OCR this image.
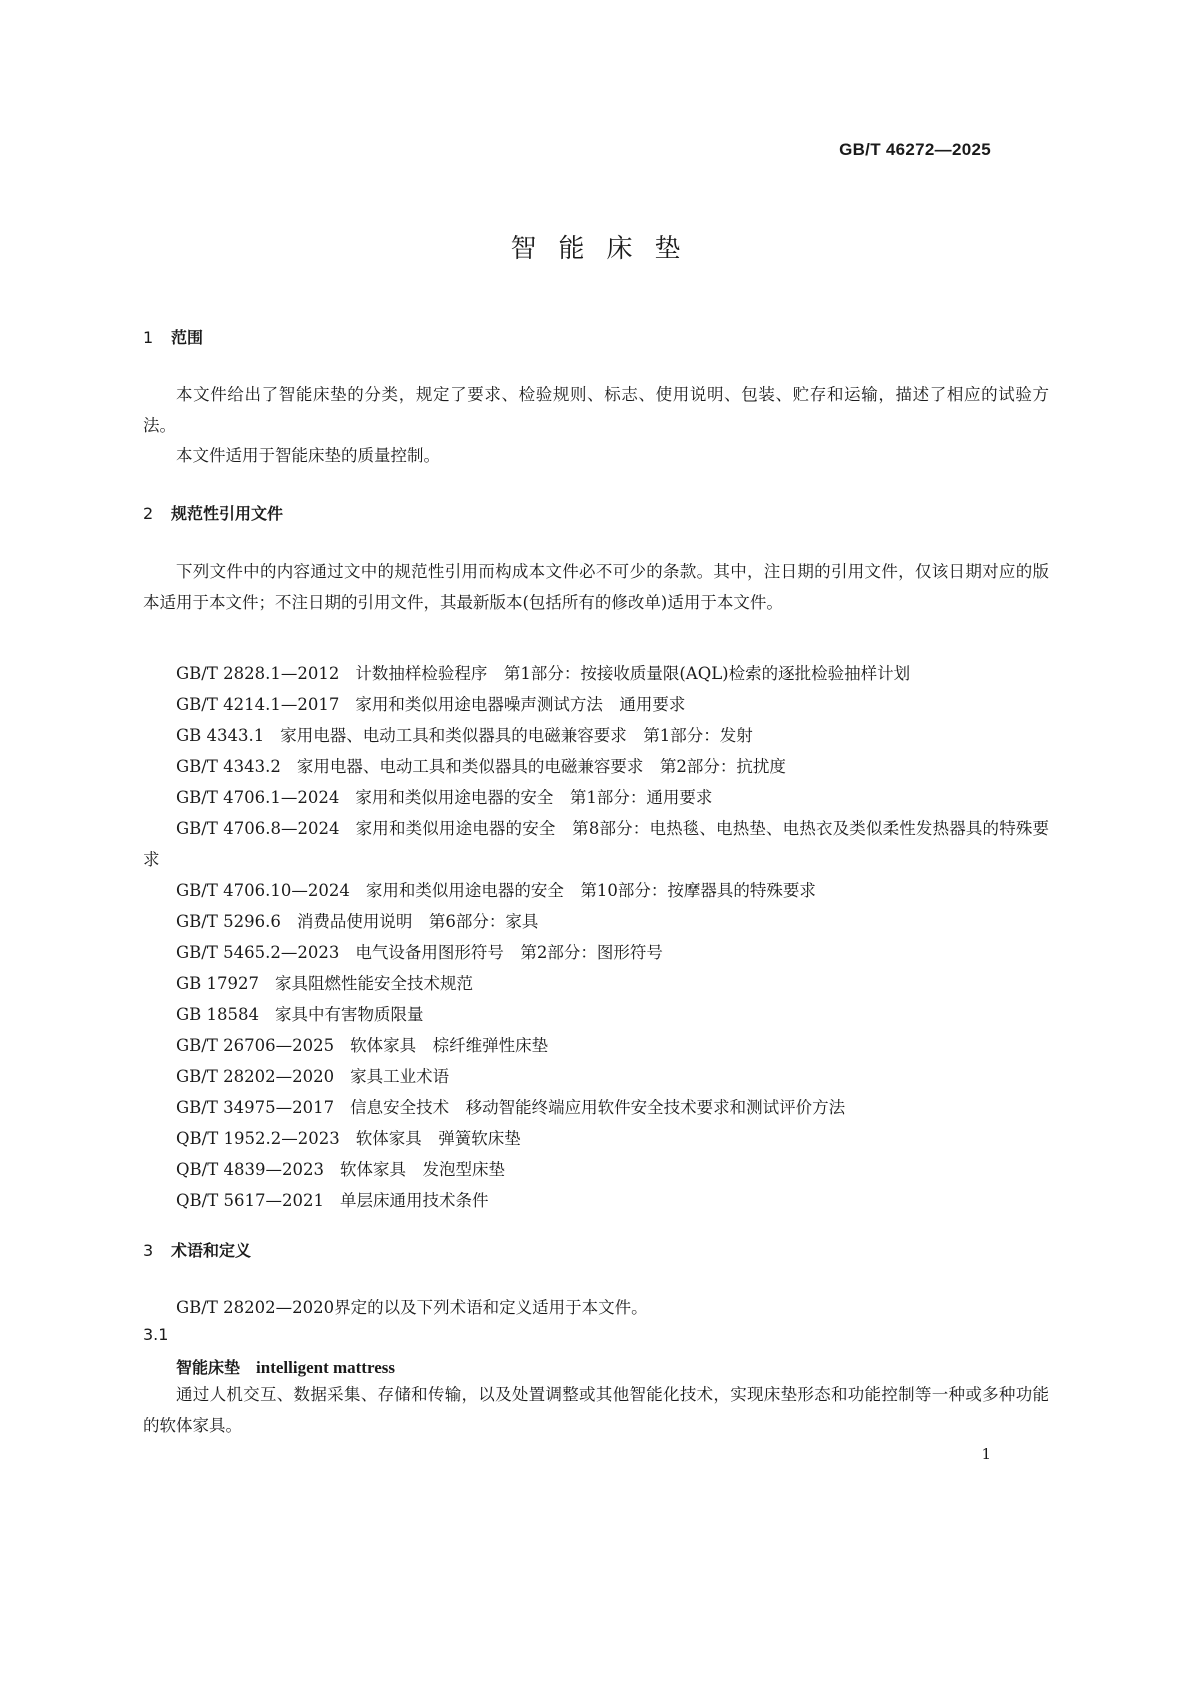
GB/T 46272—2025
智能床垫
1 范围
本文件给出了智能床垫的分类，规定了要求、检验规则、标志、使用说明、包装、贮存和运输，描述了相应的试验方法。
本文件适用于智能床垫的质量控制。
2 规范性引用文件
下列文件中的内容通过文中的规范性引用而构成本文件必不可少的条款。其中，注日期的引用文件，仅该日期对应的版本适用于本文件；不注日期的引用文件，其最新版本(包括所有的修改单)适用于本文件。
GB/T 2828.1—2012 计数抽样检验程序　第1部分：按接收质量限(AQL)检索的逐批检验抽样计划
GB/T 4214.1—2017 家用和类似用途电器噪声测试方法　通用要求
GB 4343.1 家用电器、电动工具和类似器具的电磁兼容要求　第1部分：发射
GB/T 4343.2 家用电器、电动工具和类似器具的电磁兼容要求　第2部分：抗扰度
GB/T 4706.1—2024 家用和类似用途电器的安全　第1部分：通用要求
GB/T 4706.8—2024 家用和类似用途电器的安全　第8部分：电热毯、电热垫、电热衣及类似柔性发热器具的特殊要求
GB/T 4706.10—2024 家用和类似用途电器的安全　第10部分：按摩器具的特殊要求
GB/T 5296.6 消费品使用说明　第6部分：家具
GB/T 5465.2—2023 电气设备用图形符号　第2部分：图形符号
GB 17927 家具阻燃性能安全技术规范
GB 18584 家具中有害物质限量
GB/T 26706—2025 软体家具　棕纤维弹性床垫
GB/T 28202—2020 家具工业术语
GB/T 34975—2017 信息安全技术　移动智能终端应用软件安全技术要求和测试评价方法
QB/T 1952.2—2023 软体家具　弹簧软床垫
QB/T 4839—2023 软体家具　发泡型床垫
QB/T 5617—2021 单层床通用技术条件
3 术语和定义
GB/T 28202—2020界定的以及下列术语和定义适用于本文件。
3.1
智能床垫 intelligent mattress
通过人机交互、数据采集、存储和传输，以及处置调整或其他智能化技术，实现床垫形态和功能控制等一种或多种功能的软体家具。
1
